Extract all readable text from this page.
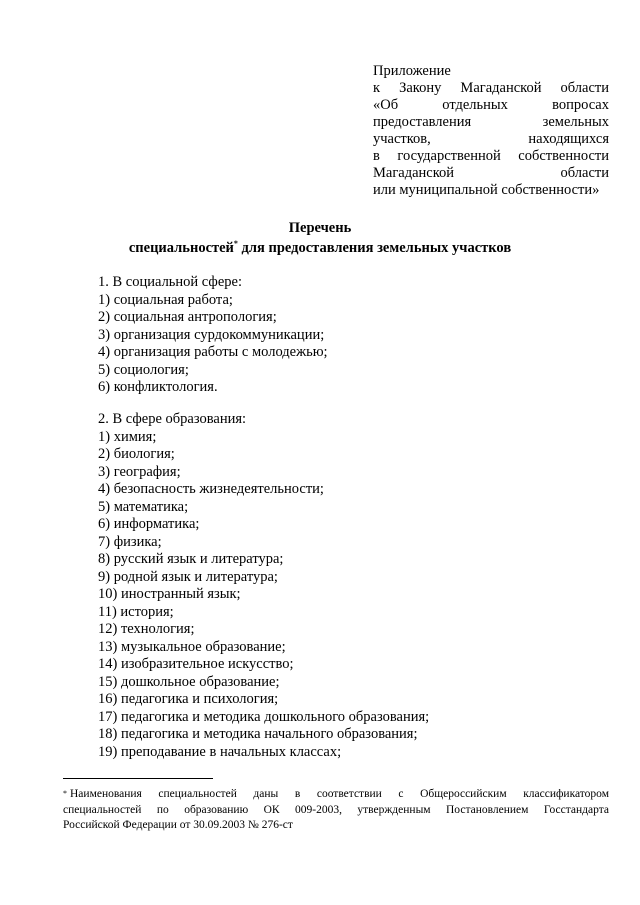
Приложение
к Закону Магаданской области
«Об отдельных вопросах
предоставления земельных
участков, находящихся
в государственной собственности
Магаданской области
или муниципальной собственности»
Перечень
специальностей* для предоставления земельных участков
1. В социальной сфере:
1) социальная работа;
2) социальная антропология;
3) организация сурдокоммуникации;
4) организация работы с молодежью;
5) социология;
6) конфликтология.
2. В сфере образования:
1) химия;
2) биология;
3) география;
4) безопасность жизнедеятельности;
5) математика;
6) информатика;
7) физика;
8) русский язык и литература;
9) родной язык и литература;
10) иностранный язык;
11) история;
12) технология;
13) музыкальное образование;
14) изобразительное искусство;
15) дошкольное образование;
16) педагогика и психология;
17) педагогика и методика дошкольного образования;
18) педагогика и методика начального образования;
19) преподавание в начальных классах;
* Наименования специальностей даны в соответствии с Общероссийским классификатором
специальностей по образованию ОК 009-2003, утвержденным Постановлением Госстандарта
Российской Федерации от 30.09.2003 № 276-ст
